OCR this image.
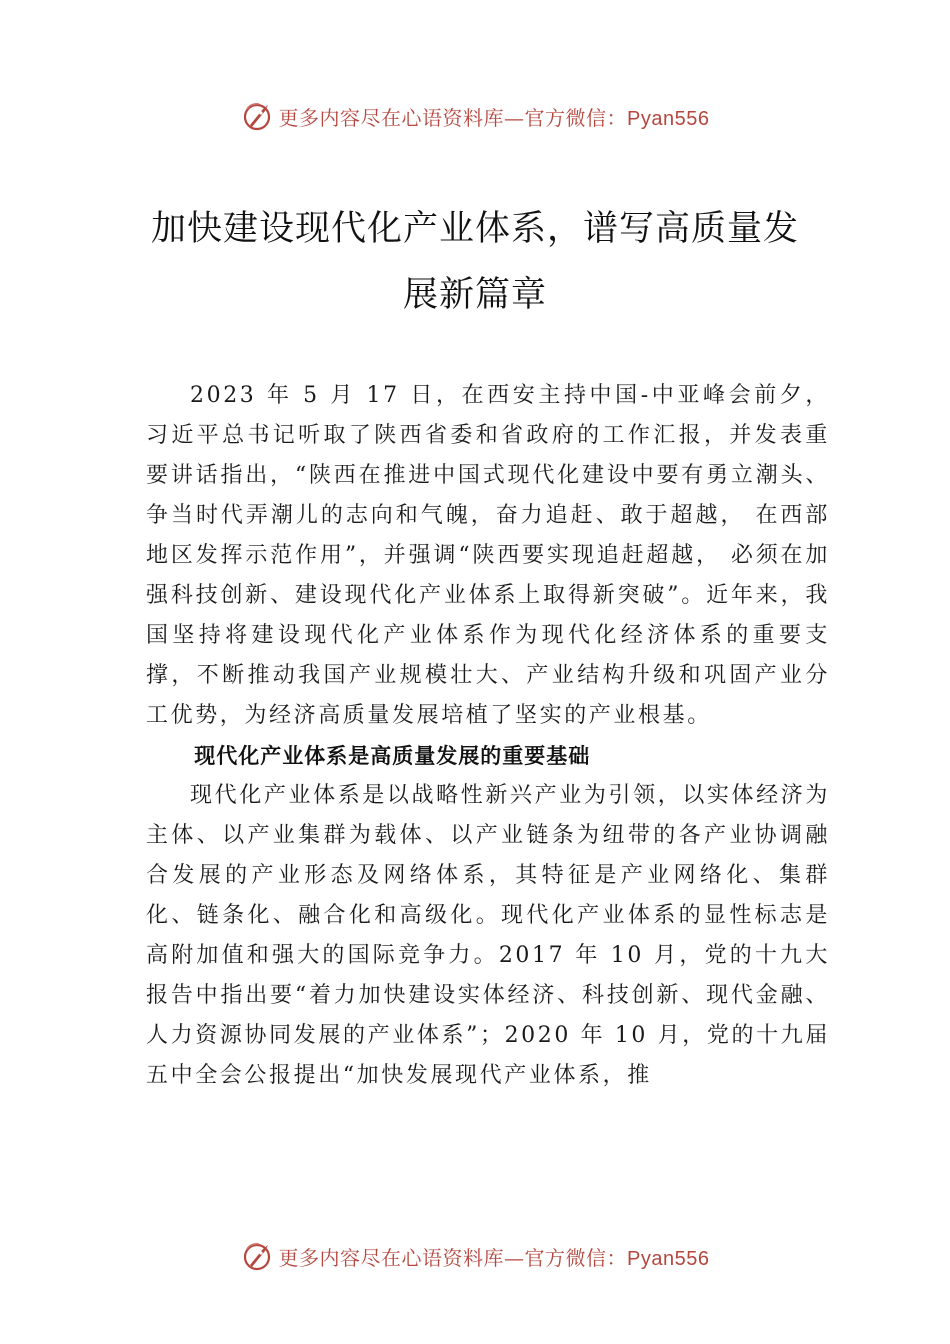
更多内容尽在心语资料库—官方微信：Pyan556
加快建设现代化产业体系，谱写高质量发
展新篇章

2023 年 5 月 17 日，在西安主持中国-中亚峰会前夕，习近平总书记听取了陕西省委和省政府的工作汇报，并发表重要讲话指出，“陕西在推进中国式现代化建设中要有勇立潮头、争当时代弄潮儿的志向和气魄，奋力追赶、敢于超越， 在西部地区发挥示范作用”，并强调“陕西要实现追赶超越， 必须在加强科技创新、建设现代化产业体系上取得新突破”。近年来，我国坚持将建设现代化产业体系作为现代化经济体系的重要支撑，不断推动我国产业规模壮大、产业结构升级和巩固产业分工优势，为经济高质量发展培植了坚实的产业根基。

现代化产业体系是高质量发展的重要基础

现代化产业体系是以战略性新兴产业为引领，以实体经济为主体、以产业集群为载体、以产业链条为纽带的各产业协调融合发展的产业形态及网络体系，其特征是产业网络化、集群化、链条化、融合化和高级化。现代化产业体系的显性标志是高附加值和强大的国际竞争力。2017 年 10 月，党的十九大报告中指出要“着力加快建设实体经济、科技创新、现代金融、人力资源协同发展的产业体系”；2020 年 10 月，党的十九届五中全会公报提出“加快发展现代产业体系，推

更多内容尽在心语资料库—官方微信：Pyan556
